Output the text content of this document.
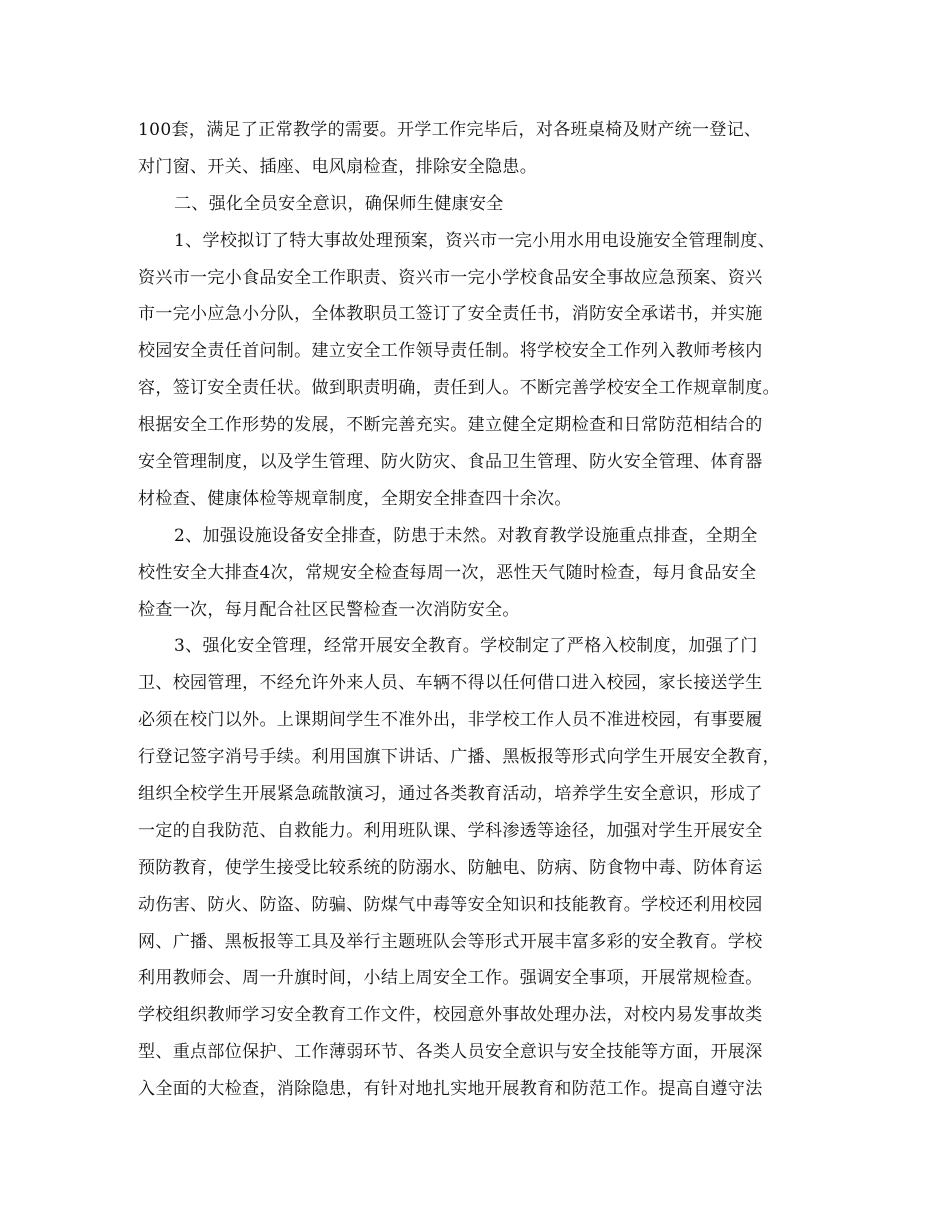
100套，满足了正常教学的需要。开学工作完毕后，对各班桌椅及财产统一登记、
对门窗、开关、插座、电风扇检查，排除安全隐患。
二、强化全员安全意识，确保师生健康安全
1、学校拟订了特大事故处理预案，资兴市一完小用水用电设施安全管理制度、
资兴市一完小食品安全工作职责、资兴市一完小学校食品安全事故应急预案、资兴
市一完小应急小分队，全体教职员工签订了安全责任书，消防安全承诺书，并实施
校园安全责任首问制。建立安全工作领导责任制。将学校安全工作列入教师考核内
容，签订安全责任状。做到职责明确，责任到人。不断完善学校安全工作规章制度。
根据安全工作形势的发展，不断完善充实。建立健全定期检查和日常防范相结合的
安全管理制度，以及学生管理、防火防灾、食品卫生管理、防火安全管理、体育器
材检查、健康体检等规章制度，全期安全排查四十余次。
2、加强设施设备安全排查，防患于未然。对教育教学设施重点排查，全期全
校性安全大排查4次，常规安全检查每周一次，恶性天气随时检查，每月食品安全
检查一次，每月配合社区民警检查一次消防安全。
3、强化安全管理，经常开展安全教育。学校制定了严格入校制度，加强了门
卫、校园管理，不经允许外来人员、车辆不得以任何借口进入校园，家长接送学生
必须在校门以外。上课期间学生不准外出，非学校工作人员不准进校园，有事要履
行登记签字消号手续。利用国旗下讲话、广播、黑板报等形式向学生开展安全教育，
组织全校学生开展紧急疏散演习，通过各类教育活动，培养学生安全意识，形成了
一定的自我防范、自救能力。利用班队课、学科渗透等途径，加强对学生开展安全
预防教育，使学生接受比较系统的防溺水、防触电、防病、防食物中毒、防体育运
动伤害、防火、防盗、防骗、防煤气中毒等安全知识和技能教育。学校还利用校园
网、广播、黑板报等工具及举行主题班队会等形式开展丰富多彩的安全教育。学校
利用教师会、周一升旗时间，小结上周安全工作。强调安全事项，开展常规检查。
学校组织教师学习安全教育工作文件，校园意外事故处理办法，对校内易发事故类
型、重点部位保护、工作薄弱环节、各类人员安全意识与安全技能等方面，开展深
入全面的大检查，消除隐患，有针对地扎实地开展教育和防范工作。提高自遵守法
